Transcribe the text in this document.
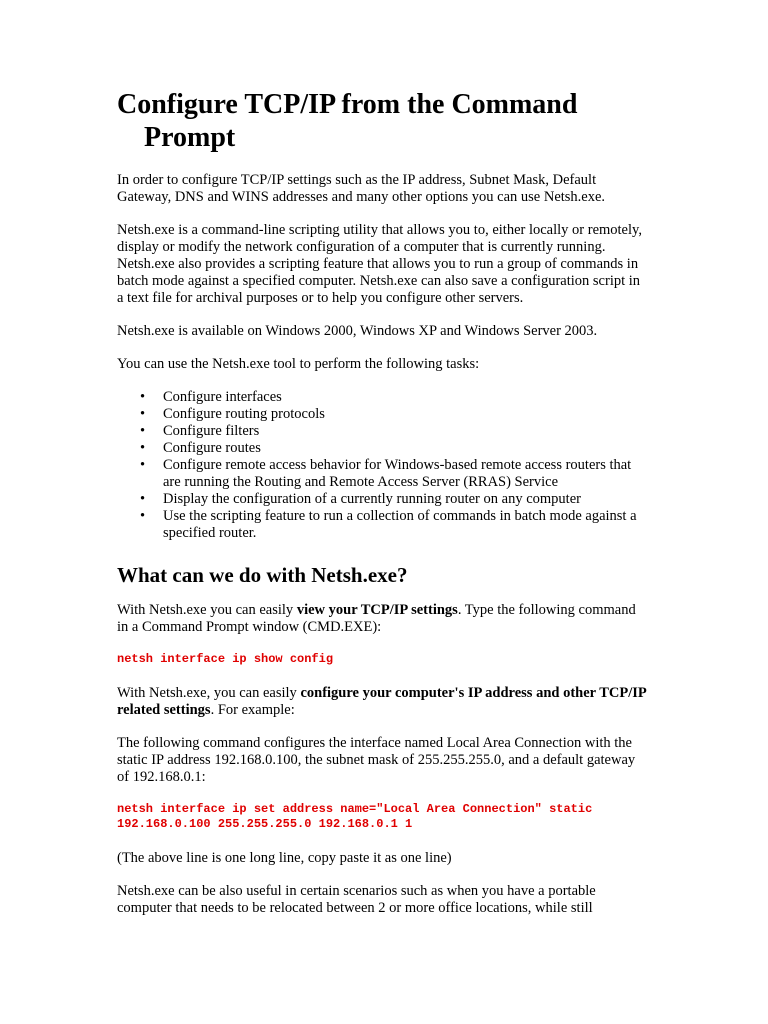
Configure TCP/IP from the Command Prompt

In order to configure TCP/IP settings such as the IP address, Subnet Mask, Default Gateway, DNS and WINS addresses and many other options you can use Netsh.exe.

Netsh.exe is a command-line scripting utility that allows you to, either locally or remotely, display or modify the network configuration of a computer that is currently running. Netsh.exe also provides a scripting feature that allows you to run a group of commands in batch mode against a specified computer. Netsh.exe can also save a configuration script in a text file for archival purposes or to help you configure other servers.

Netsh.exe is available on Windows 2000, Windows XP and Windows Server 2003.

You can use the Netsh.exe tool to perform the following tasks:

• Configure interfaces
• Configure routing protocols
• Configure filters
• Configure routes
• Configure remote access behavior for Windows-based remote access routers that are running the Routing and Remote Access Server (RRAS) Service
• Display the configuration of a currently running router on any computer
• Use the scripting feature to run a collection of commands in batch mode against a specified router.
What can we do with Netsh.exe?

With Netsh.exe you can easily view your TCP/IP settings. Type the following command in a Command Prompt window (CMD.EXE):

netsh interface ip show config

With Netsh.exe, you can easily configure your computer's IP address and other TCP/IP related settings. For example:

The following command configures the interface named Local Area Connection with the static IP address 192.168.0.100, the subnet mask of 255.255.255.0, and a default gateway of 192.168.0.1:

netsh interface ip set address name="Local Area Connection" static 192.168.0.100 255.255.255.0 192.168.0.1 1

(The above line is one long line, copy paste it as one line)

Netsh.exe can be also useful in certain scenarios such as when you have a portable computer that needs to be relocated between 2 or more office locations, while still
